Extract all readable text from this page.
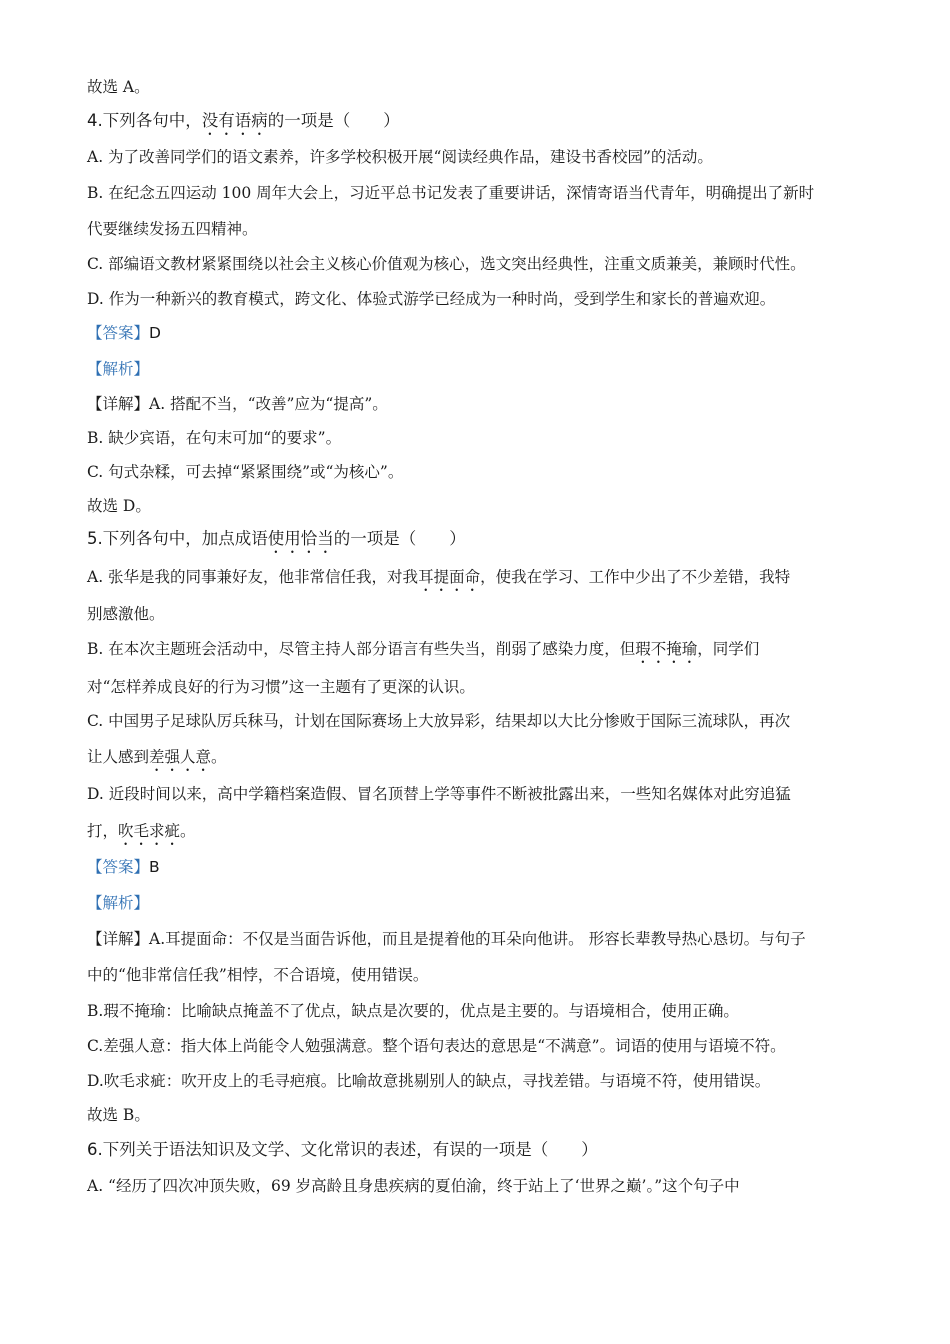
故选 A。
4.下列各句中，没有语病的一项是（　　）
A. 为了改善同学们的语文素养，许多学校积极开展“阅读经典作品，建设书香校园”的活动。
B. 在纪念五四运动 100 周年大会上，习近平总书记发表了重要讲话，深情寄语当代青年，明确提出了新时
代要继续发扬五四精神。
C. 部编语文教材紧紧围绕以社会主义核心价值观为核心，选文突出经典性，注重文质兼美，兼顾时代性。
D. 作为一种新兴的教育模式，跨文化、体验式游学已经成为一种时尚，受到学生和家长的普遍欢迎。
【答案】D
【解析】
【详解】A. 搭配不当，“改善”应为“提高”。
B. 缺少宾语，在句末可加“的要求”。
C. 句式杂糅，可去掉“紧紧围绕”或“为核心”。
故选 D。
5.下列各句中，加点成语使用恰当的一项是（　　）
A. 张华是我的同事兼好友，他非常信任我，对我耳提面命，使我在学习、工作中少出了不少差错，我特
别感激他。
B. 在本次主题班会活动中，尽管主持人部分语言有些失当，削弱了感染力度，但瑕不掩瑜，同学们
对“怎样养成良好的行为习惯”这一主题有了更深的认识。
C. 中国男子足球队厉兵秣马，计划在国际赛场上大放异彩，结果却以大比分惨败于国际三流球队，再次
让人感到差强人意。
D. 近段时间以来，高中学籍档案造假、冒名顶替上学等事件不断被批露出来，一些知名媒体对此穷追猛
打，吹毛求疵。
【答案】B
【解析】
【详解】A.耳提面命：不仅是当面告诉他，而且是提着他的耳朵向他讲。 形容长辈教导热心恳切。与句子
中的“他非常信任我”相悖，不合语境，使用错误。
B.瑕不掩瑜：比喻缺点掩盖不了优点，缺点是次要的，优点是主要的。与语境相合，使用正确。
C.差强人意：指大体上尚能令人勉强满意。整个语句表达的意思是“不满意”。词语的使用与语境不符。
D.吹毛求疵：吹开皮上的毛寻疤痕。比喻故意挑剔别人的缺点，寻找差错。与语境不符，使用错误。
故选 B。
6.下列关于语法知识及文学、文化常识的表述，有误的一项是（　　）
A. “经历了四次冲顶失败，69 岁高龄且身患疾病的夏伯渝，终于站上了‘世界之巅’。”这个句子中
